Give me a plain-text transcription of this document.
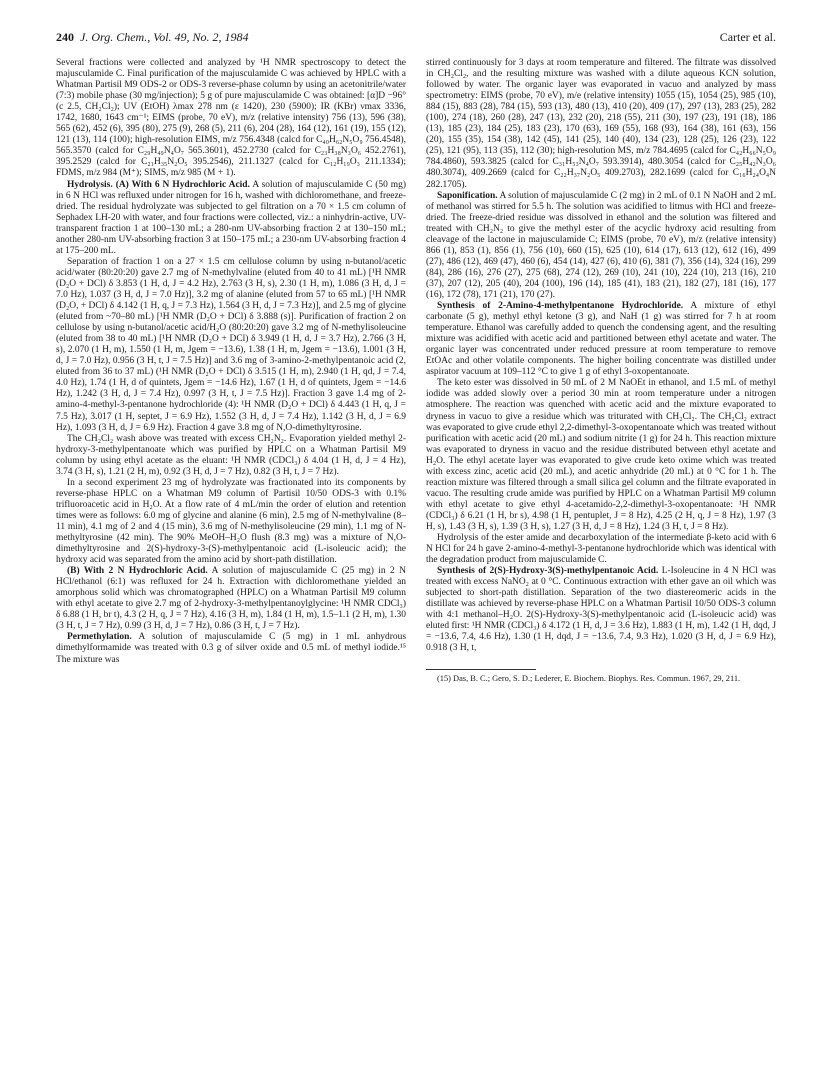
240 J. Org. Chem., Vol. 49, No. 2, 1984	Carter et al.

Several fractions were collected and analyzed by ¹H NMR spectroscopy to detect the majusculamide C. Final purification of the majusculamide C was achieved by HPLC with a Whatman Partisil M9 ODS-2 or ODS-3 reverse-phase column by using an acetonitrile/water (7:3) mobile phase (30 mg/injection); 5 g of pure majusculamide C was obtained: [α]D −96° (c 2.5, CH₂Cl₂); UV (EtOH) λmax 278 nm (ε 1420), 230 (5900); IR (KBr) νmax 3336, 1742, 1680, 1643 cm⁻¹; EIMS (probe, 70 eV), m/z (relative intensity) 756 (13), 596 (38), 565 (62), 452 (6), 395 (80), 275 (9), 268 (5), 211 (6), 204 (28), 164 (12), 161 (19), 155 (12), 121 (13), 114 (100); high-resolution EIMS, m/z 756.4348 (calcd for C₄₀H₆₂N₅O₉ 756.4548), 565.3570 (calcd for C₂₉H₄₉N₄O₇ 565.3601), 452.2730 (calcd for C₂₃H₃₈N₃O₆ 452.2761), 395.2529 (calcd for C₂₁H₃₅N₂O₅ 395.2546), 211.1327 (calcd for C₁₂H₁₉O₃ 211.1334); FDMS, m/z 984 (M⁺); SIMS, m/z 985 (M + 1).

Hydrolysis. (A) With 6 N Hydrochloric Acid. A solution of majusculamide C (50 mg) in 6 N HCl was refluxed under nitrogen for 16 h, washed with dichloromethane, and freeze-dried. The residual hydrolyzate was subjected to gel filtration on a 70 × 1.5 cm column of Sephadex LH-20 with water, and four fractions were collected, viz.: a ninhydrin-active, UV-transparent fraction 1 at 100–130 mL; a 280-nm UV-absorbing fraction 2 at 130–150 mL; another 280-nm UV-absorbing fraction 3 at 150–175 mL; a 230-nm UV-absorbing fraction 4 at 175–200 mL.

Separation of fraction 1 on a 27 × 1.5 cm cellulose column by using n-butanol/acetic acid/water (80:20:20) gave 2.7 mg of N-methylvaline (eluted from 40 to 41 mL) [¹H NMR (D₂O + DCl) δ 3.853 (1 H, d, J = 4.2 Hz), 2.763 (3 H, s), 2.30 (1 H, m), 1.086 (3 H, d, J = 7.0 Hz), 1.037 (3 H, d, J = 7.0 Hz)], 3.2 mg of alanine (eluted from 57 to 65 mL) [¹H NMR (D₂O, + DCl) δ 4.142 (1 H, q, J = 7.3 Hz), 1.564 (3 H, d, J = 7.3 Hz)], and 2.5 mg of glycine (eluted from ~70–80 mL) [¹H NMR (D₂O + DCl) δ 3.888 (s)]. Purification of fraction 2 on cellulose by using n-butanol/acetic acid/H₂O (80:20:20) gave 3.2 mg of N-methylisoleucine (eluted from 38 to 40 mL) [¹H NMR (D₂O + DCl) δ 3.949 (1 H, d, J = 3.7 Hz), 2.766 (3 H, s), 2.070 (1 H, m), 1.550 (1 H, m, Jgem = −13.6), 1.38 (1 H, m, Jgem = −13.6), 1.001 (3 H, d, J = 7.0 Hz), 0.956 (3 H, t, J = 7.5 Hz)] and 3.6 mg of 3-amino-2-methylpentanoic acid (2, eluted from 36 to 37 mL) (¹H NMR (D₂O + DCl) δ 3.515 (1 H, m), 2.940 (1 H, qd, J = 7.4, 4.0 Hz), 1.74 (1 H, d of quintets, Jgem = −14.6 Hz), 1.67 (1 H, d of quintets, Jgem = −14.6 Hz), 1.242 (3 H, d, J = 7.4 Hz), 0.997 (3 H, t, J = 7.5 Hz)]. Fraction 3 gave 1.4 mg of 2-amino-4-methyl-3-pentanone hydrochloride (4): ¹H NMR (D₂O + DCl) δ 4.443 (1 H, q, J = 7.5 Hz), 3.017 (1 H, septet, J = 6.9 Hz), 1.552 (3 H, d, J = 7.4 Hz), 1.142 (3 H, d, J = 6.9 Hz), 1.093 (3 H, d, J = 6.9 Hz). Fraction 4 gave 3.8 mg of N,O-dimethyltyrosine.

The CH₂Cl₂ wash above was treated with excess CH₂N₂. Evaporation yielded methyl 2-hydroxy-3-methylpentanoate which was purified by HPLC on a Whatman Partisil M9 column by using ethyl acetate as the eluant: ¹H NMR (CDCl₃) δ 4.04 (1 H, d, J = 4 Hz), 3.74 (3 H, s), 1.21 (2 H, m), 0.92 (3 H, d, J = 7 Hz), 0.82 (3 H, t, J = 7 Hz).

In a second experiment 23 mg of hydrolyzate was fractionated into its components by reverse-phase HPLC on a Whatman M9 column of Partisil 10/50 ODS-3 with 0.1% trifluoroacetic acid in H₂O. At a flow rate of 4 mL/min the order of elution and retention times were as follows: 6.0 mg of glycine and alanine (6 min), 2.5 mg of N-methylvaline (8–11 min), 4.1 mg of 2 and 4 (15 min), 3.6 mg of N-methylisoleucine (29 min), 1.1 mg of N-methyltyrosine (42 min). The 90% MeOH–H₂O flush (8.3 mg) was a mixture of N,O-dimethyltyrosine and 2(S)-hydroxy-3-(S)-methylpentanoic acid (L-isoleucic acid); the hydroxy acid was separated from the amino acid by short-path distillation.

(B) With 2 N Hydrochloric Acid. A solution of majusculamide C (25 mg) in 2 N HCl/ethanol (6:1) was refluxed for 24 h. Extraction with dichloromethane yielded an amorphous solid which was chromatographed (HPLC) on a Whatman Partisil M9 column with ethyl acetate to give 2.7 mg of 2-hydroxy-3-methylpentanoylglycine: ¹H NMR CDCl₃) δ 6.88 (1 H, br t), 4.3 (2 H, q, J = 7 Hz), 4.16 (3 H, m), 1.84 (1 H, m), 1.5–1.1 (2 H, m), 1.30 (3 H, t, J = 7 Hz), 0.99 (3 H, d, J = 7 Hz), 0.86 (3 H, t, J = 7 Hz).

Permethylation. A solution of majusculamide C (5 mg) in 1 mL anhydrous dimethylformamide was treated with 0.3 g of silver oxide and 0.5 mL of methyl iodide.¹⁵ The mixture was

stirred continuously for 3 days at room temperature and filtered. The filtrate was dissolved in CH₂Cl₂, and the resulting mixture was washed with a dilute aqueous KCN solution, followed by water. The organic layer was evaporated in vacuo and analyzed by mass spectrometry: EIMS (probe, 70 eV), m/e (relative intensity) 1055 (15), 1054 (25), 985 (10), 884 (15), 883 (28), 784 (15), 593 (13), 480 (13), 410 (20), 409 (17), 297 (13), 283 (25), 282 (100), 274 (18), 260 (28), 247 (13), 232 (20), 218 (55), 211 (30), 197 (23), 191 (18), 186 (13), 185 (23), 184 (25), 183 (23), 170 (63), 169 (55), 168 (93), 164 (38), 161 (63), 156 (20), 155 (35), 154 (38), 142 (45), 141 (25), 140 (40), 134 (23), 128 (25), 126 (23), 122 (25), 121 (95), 113 (35), 112 (30); high-resolution MS, m/z 784.4695 (calcd for C₄₂H₆₆N₅O₉ 784.4860), 593.3825 (calcd for C₃₁H₅₃N₄O₇ 593.3914), 480.3054 (calcd for C₂₅H₄₂N₃O₆ 480.3074), 409.2669 (calcd for C₂₂H₃₇N₂O₅ 409.2703), 282.1699 (calcd for C₁₆H₂₄O₄N 282.1705).

Saponification. A solution of majusculamide C (2 mg) in 2 mL of 0.1 N NaOH and 2 mL of methanol was stirred for 5.5 h. The solution was acidified to litmus with HCl and freeze-dried. The freeze-dried residue was dissolved in ethanol and the solution was filtered and treated with CH₂N₂ to give the methyl ester of the acyclic hydroxy acid resulting from cleavage of the lactone in majusculamide C; EIMS (probe, 70 eV), m/z (relative intensity) 866 (1), 853 (1), 856 (1), 756 (10), 660 (15), 625 (10), 614 (17), 613 (12), 612 (16), 499 (27), 486 (12), 469 (47), 460 (6), 454 (14), 427 (6), 410 (6), 381 (7), 356 (14), 324 (16), 299 (84), 286 (16), 276 (27), 275 (68), 274 (12), 269 (10), 241 (10), 224 (10), 213 (16), 210 (37), 207 (12), 205 (40), 204 (100), 196 (14), 185 (41), 183 (21), 182 (27), 181 (16), 177 (16), 172 (78), 171 (21), 170 (27).

Synthesis of 2-Amino-4-methylpentanone Hydrochloride. A mixture of ethyl carbonate (5 g), methyl ethyl ketone (3 g), and NaH (1 g) was stirred for 7 h at room temperature. Ethanol was carefully added to quench the condensing agent, and the resulting mixture was acidified with acetic acid and partitioned between ethyl acetate and water. The organic layer was concentrated under reduced pressure at room temperature to remove EtOAc and other volatile components. The higher boiling concentrate was distilled under aspirator vacuum at 109–112 °C to give 1 g of ethyl 3-oxopentanoate.

The keto ester was dissolved in 50 mL of 2 M NaOEt in ethanol, and 1.5 mL of methyl iodide was added slowly over a period 30 min at room temperature under a nitrogen atmosphere. The reaction was quenched with acetic acid and the mixture evaporated to dryness in vacuo to give a residue which was triturated with CH₂Cl₂. The CH₂Cl₂ extract was evaporated to give crude ethyl 2,2-dimethyl-3-oxopentanoate which was treated without purification with acetic acid (20 mL) and sodium nitrite (1 g) for 24 h. This reaction mixture was evaporated to dryness in vacuo and the residue distributed between ethyl acetate and H₂O. The ethyl acetate layer was evaporated to give crude keto oxime which was treated with excess zinc, acetic acid (20 mL), and acetic anhydride (20 mL) at 0 °C for 1 h. The reaction mixture was filtered through a small silica gel column and the filtrate evaporated in vacuo. The resulting crude amide was purified by HPLC on a Whatman Partisil M9 column with ethyl acetate to give ethyl 4-acetamido-2,2-dimethyl-3-oxopentanoate: ¹H NMR (CDCl₃) δ 6.21 (1 H, br s), 4.98 (1 H, pentuplet, J = 8 Hz), 4.25 (2 H, q, J = 8 Hz), 1.97 (3 H, s), 1.43 (3 H, s), 1.39 (3 H, s), 1.27 (3 H, d, J = 8 Hz), 1.24 (3 H, t, J = 8 Hz).

Hydrolysis of the ester amide and decarboxylation of the intermediate β-keto acid with 6 N HCl for 24 h gave 2-amino-4-methyl-3-pentanone hydrochloride which was identical with the degradation product from majusculamide C.

Synthesis of 2(S)-Hydroxy-3(S)-methylpentanoic Acid. L-Isoleucine in 4 N HCl was treated with excess NaNO₂ at 0 °C. Continuous extraction with ether gave an oil which was subjected to short-path distillation. Separation of the two diastereomeric acids in the distillate was achieved by reverse-phase HPLC on a Whatman Partisil 10/50 ODS-3 column with 4:1 methanol–H₂O. 2(S)-Hydroxy-3(S)-methylpentanoic acid (L-isoleucic acid) was eluted first: ¹H NMR (CDCl₃) δ 4.172 (1 H, d, J = 3.6 Hz), 1.883 (1 H, m), 1.42 (1 H, dqd, J = −13.6, 7.4, 4.6 Hz), 1.30 (1 H, dqd, J = −13.6, 7.4, 9.3 Hz), 1.020 (3 H, d, J = 6.9 Hz), 0.918 (3 H, t,

(15) Das, B. C.; Gero, S. D.; Lederer, E. Biochem. Biophys. Res. Commun. 1967, 29, 211.
